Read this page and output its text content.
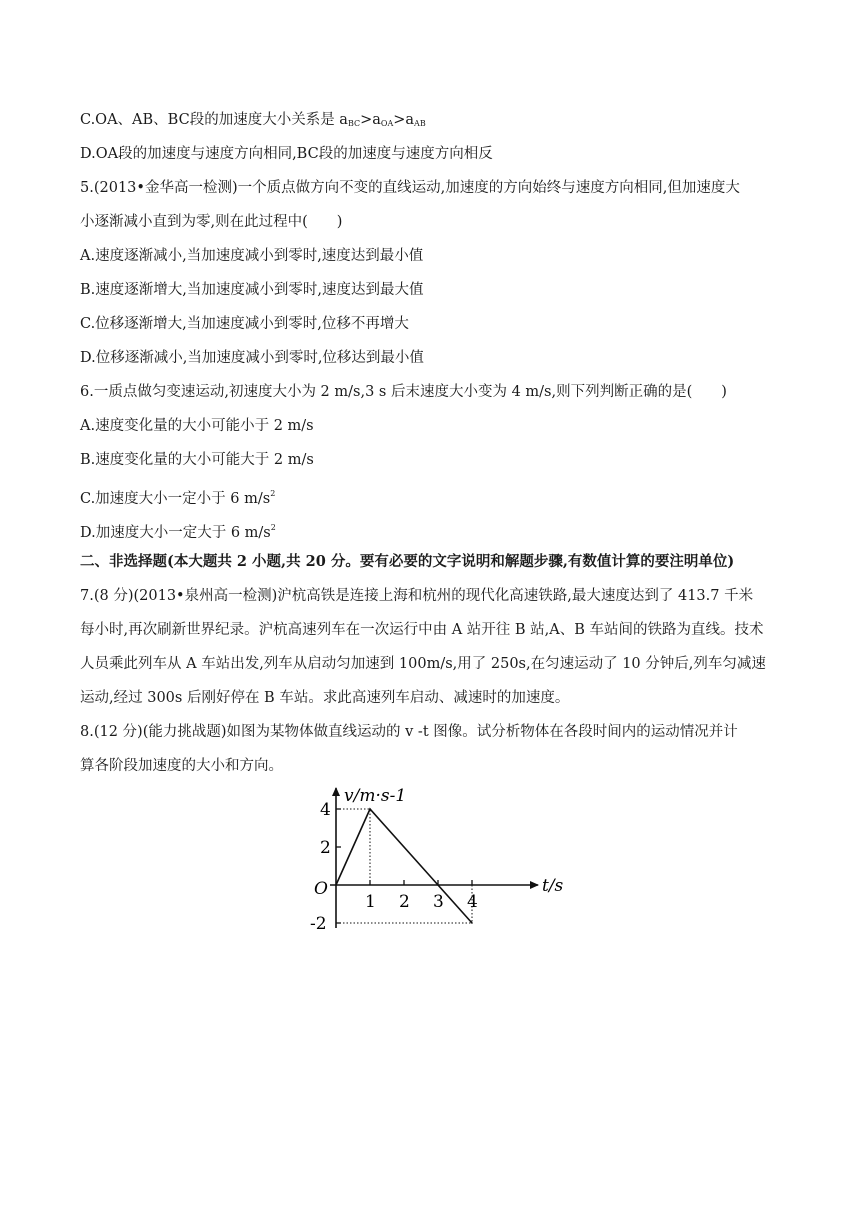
C.OA、AB、BC段的加速度大小关系是 $a_{BC}>a_{OA}>a_{AB}$
D.OA段的加速度与速度方向相同,BC段的加速度与速度方向相反
5.(2013•金华高一检测)一个质点做方向不变的直线运动,加速度的方向始终与速度方向相同,但加速度大
小逐渐减小直到为零,则在此过程中(　　)
A.速度逐渐减小,当加速度减小到零时,速度达到最小值
B.速度逐渐增大,当加速度减小到零时,速度达到最大值
C.位移逐渐增大,当加速度减小到零时,位移不再增大
D.位移逐渐减小,当加速度减小到零时,位移达到最小值
6.一质点做匀变速运动,初速度大小为 2 m/s,3 s 后末速度大小变为 4 m/s,则下列判断正确的是(　　)
A.速度变化量的大小可能小于 2 m/s
B.速度变化量的大小可能大于 2 m/s
C.加速度大小一定小于 6 $m/s^2$
D.加速度大小一定大于 6 $m/s^2$
二、非选择题(本大题共 2 小题,共 20 分。要有必要的文字说明和解题步骤,有数值计算的要注明单位)
7.(8 分)(2013•泉州高一检测)沪杭高铁是连接上海和杭州的现代化高速铁路,最大速度达到了 413.7 千米
每小时,再次刷新世界纪录。沪杭高速列车在一次运行中由 A 站开往 B 站,A、B 车站间的铁路为直线。技术
人员乘此列车从 A 车站出发,列车从启动匀加速到 100m/s,用了 250s,在匀速运动了 10 分钟后,列车匀减速
运动,经过 300s 后刚好停在 B 车站。求此高速列车启动、减速时的加速度。
8.(12 分)(能力挑战题)如图为某物体做直线运动的 v -t 图像。试分析物体在各段时间内的运动情况并计
算各阶段加速度的大小和方向。
v/m·s-1
t/s
O
1 2 3 4
4
2
-2
